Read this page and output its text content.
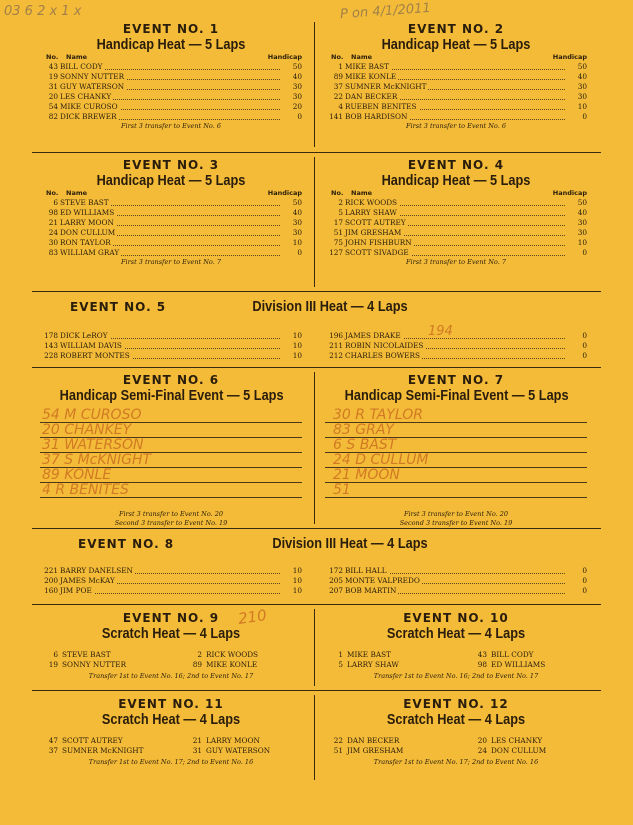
EVENT NO. 1
Handicap Heat — 5 Laps
No. Name	Handicap
43 BILL CODY	50
19 SONNY NUTTER	40
31 GUY WATERSON	30
20 LES CHANKY	30
54 MIKE CUROSO	20
82 DICK BREWER	0
First 3 transfer to Event No. 6
EVENT NO. 2
Handicap Heat — 5 Laps
No. Name	Handicap
1 MIKE BAST	50
89 MIKE KONLE	40
37 SUMNER McKNIGHT	30
22 DAN BECKER	30
4 RUEBEN BENITES	10
141 BOB HARDISON	0
First 3 transfer to Event No. 6
EVENT NO. 3
Handicap Heat — 5 Laps
No. Name	Handicap
6 STEVE BAST	50
98 ED WILLIAMS	40
21 LARRY MOON	30
24 DON CULLUM	30
30 RON TAYLOR	10
83 WILLIAM GRAY	0
First 3 transfer to Event No. 7
EVENT NO. 4
Handicap Heat — 5 Laps
No. Name	Handicap
2 RICK WOODS	50
5 LARRY SHAW	40
17 SCOTT AUTREY	30
51 JIM GRESHAM	30
75 JOHN FISHBURN	10
127 SCOTT SIVADGE	0
First 3 transfer to Event No. 7
EVENT NO. 5	Division III Heat — 4 Laps
178 DICK LeROY	10
143 WILLIAM DAVIS	10
228 ROBERT MONTES	10
196 JAMES DRAKE	0
211 ROBIN NICOLAIDES	0
212 CHARLES BOWERS	0
EVENT NO. 6
Handicap Semi-Final Event — 5 Laps
54 M CUROSO
20 CHANKEY
31 WATERSON
37 S McKNIGHT
89 KONLE
4 R BENITES
First 3 transfer to Event No. 20
Second 3 transfer to Event No. 19
EVENT NO. 7
Handicap Semi-Final Event — 5 Laps
30 R TAYLOR
83 GRAY
6 S BAST
24 D CULLUM
21 MOON
51
First 3 transfer to Event No. 20
Second 3 transfer to Event No. 19
EVENT NO. 8	Division III Heat — 4 Laps
221 BARRY DANELSEN	10
200 JAMES McKAY	10
160 JIM POE	10
172 BILL HALL	0
205 MONTE VALPREDO	0
207 BOB MARTIN	0
EVENT NO. 9
Scratch Heat — 4 Laps
6 STEVE BAST	2 RICK WOODS
19 SONNY NUTTER	89 MIKE KONLE
Transfer 1st to Event No. 16; 2nd to Event No. 17
EVENT NO. 10
Scratch Heat — 4 Laps
1 MIKE BAST	43 BILL CODY
5 LARRY SHAW	98 ED WILLIAMS
Transfer 1st to Event No. 16; 2nd to Event No. 17
EVENT NO. 11
Scratch Heat — 4 Laps
47 SCOTT AUTREY	21 LARRY MOON
37 SUMNER McKNIGHT	31 GUY WATERSON
Transfer 1st to Event No. 17; 2nd to Event No. 16
EVENT NO. 12
Scratch Heat — 4 Laps
22 DAN BECKER	20 LES CHANKY
51 JIM GRESHAM	24 DON CULLUM
Transfer 1st to Event No. 17; 2nd to Event No. 16
03 6 2 x 1 x	P on 4/1/2011
194
210
